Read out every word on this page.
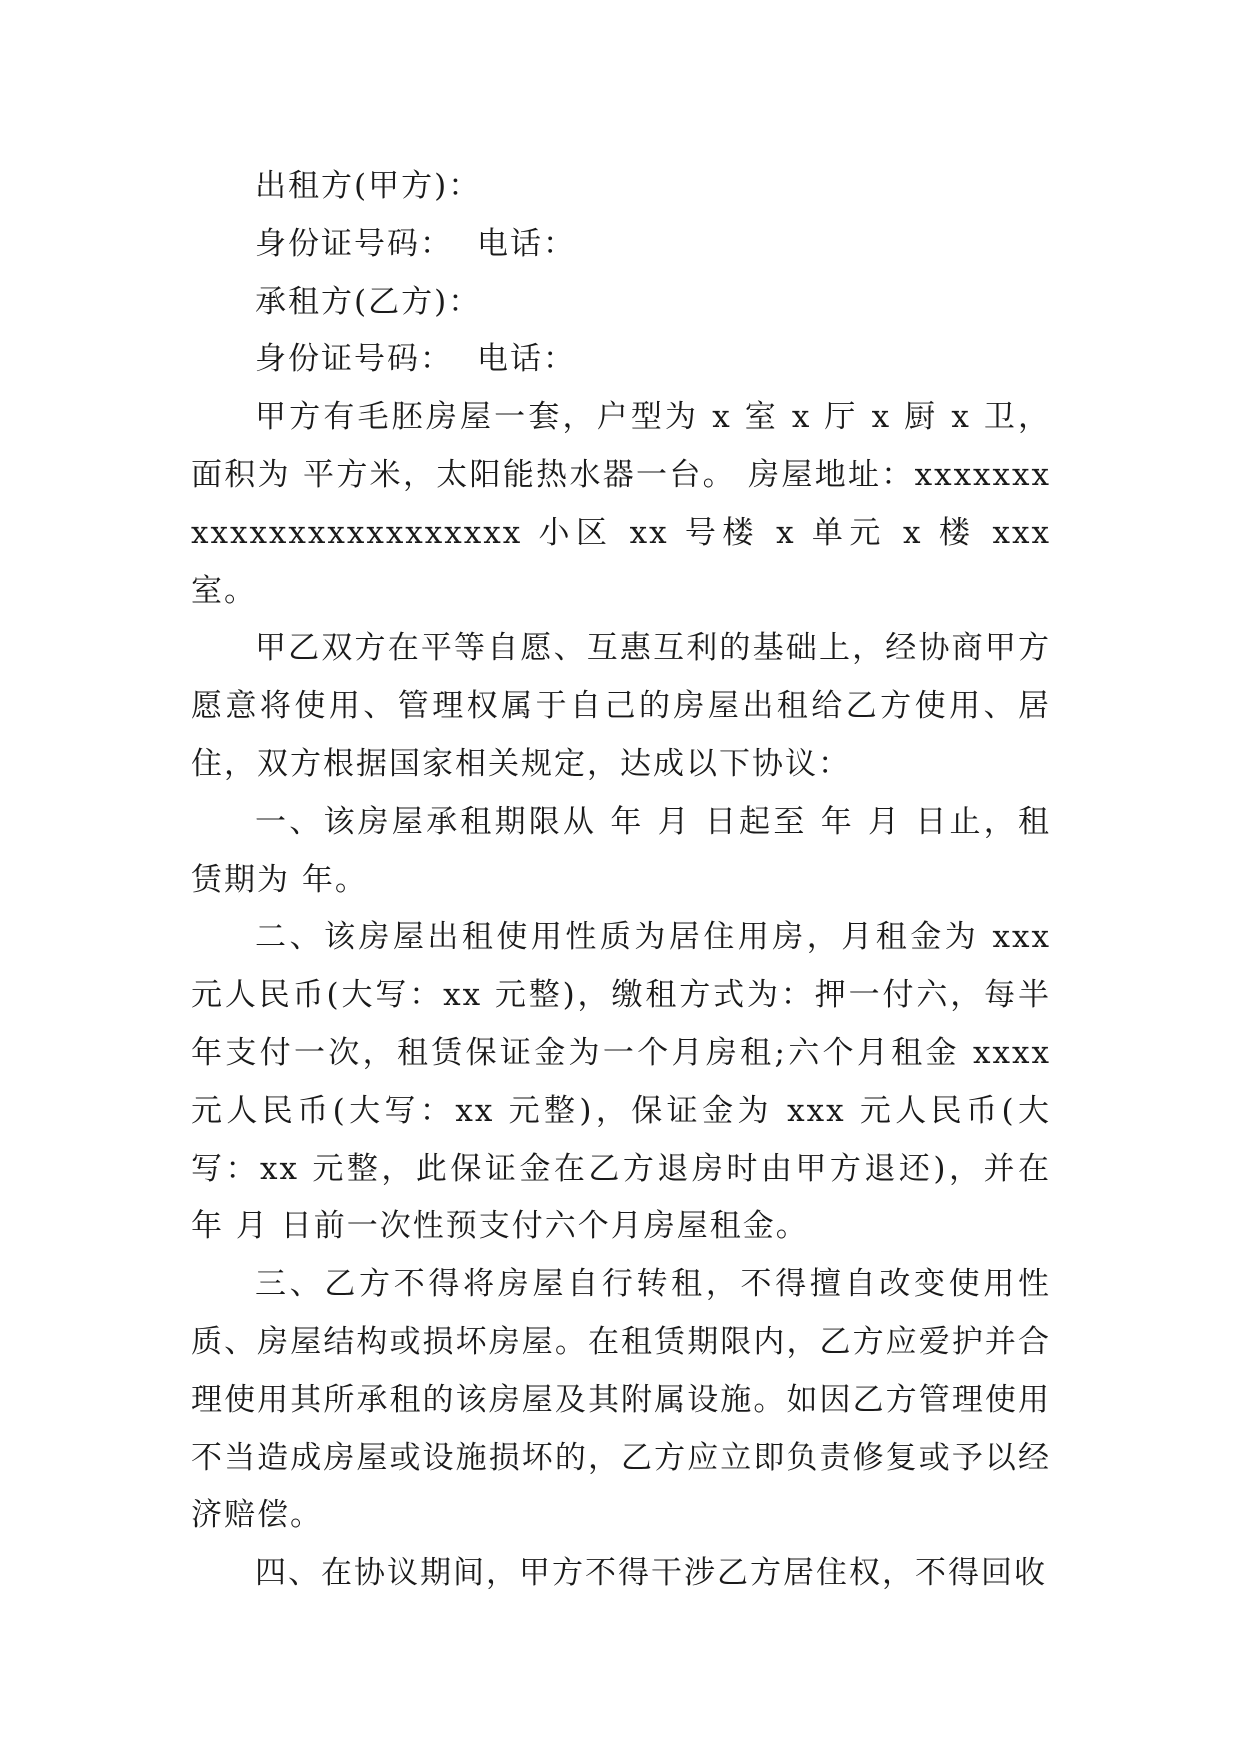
出租方(甲方)：

身份证号码： 电话：

承租方(乙方)：

身份证号码： 电话：

甲方有毛胚房屋一套，户型为 x 室 x 厅 x 厨 x 卫，面积为 平方米，太阳能热水器一台。 房屋地址：xxxxxxxxxxxxxxxxxxxxxxxx 小区 xx 号楼 x 单元 x 楼 xxx 室。

甲乙双方在平等自愿、互惠互利的基础上，经协商甲方愿意将使用、管理权属于自己的房屋出租给乙方使用、居住，双方根据国家相关规定，达成以下协议：

一、该房屋承租期限从 年 月 日起至 年 月 日止，租赁期为 年。

二、该房屋出租使用性质为居住用房，月租金为 xxx 元人民币(大写：xx 元整)，缴租方式为：押一付六，每半年支付一次，租赁保证金为一个月房租;六个月租金 xxxx 元人民币(大写：xx 元整)，保证金为 xxx 元人民币(大写：xx 元整，此保证金在乙方退房时由甲方退还)，并在 年 月 日前一次性预支付六个月房屋租金。

三、乙方不得将房屋自行转租，不得擅自改变使用性质、房屋结构或损坏房屋。在租赁期限内，乙方应爱护并合理使用其所承租的该房屋及其附属设施。如因乙方管理使用不当造成房屋或设施损坏的，乙方应立即负责修复或予以经济赔偿。

四、在协议期间，甲方不得干涉乙方居住权，不得回收
